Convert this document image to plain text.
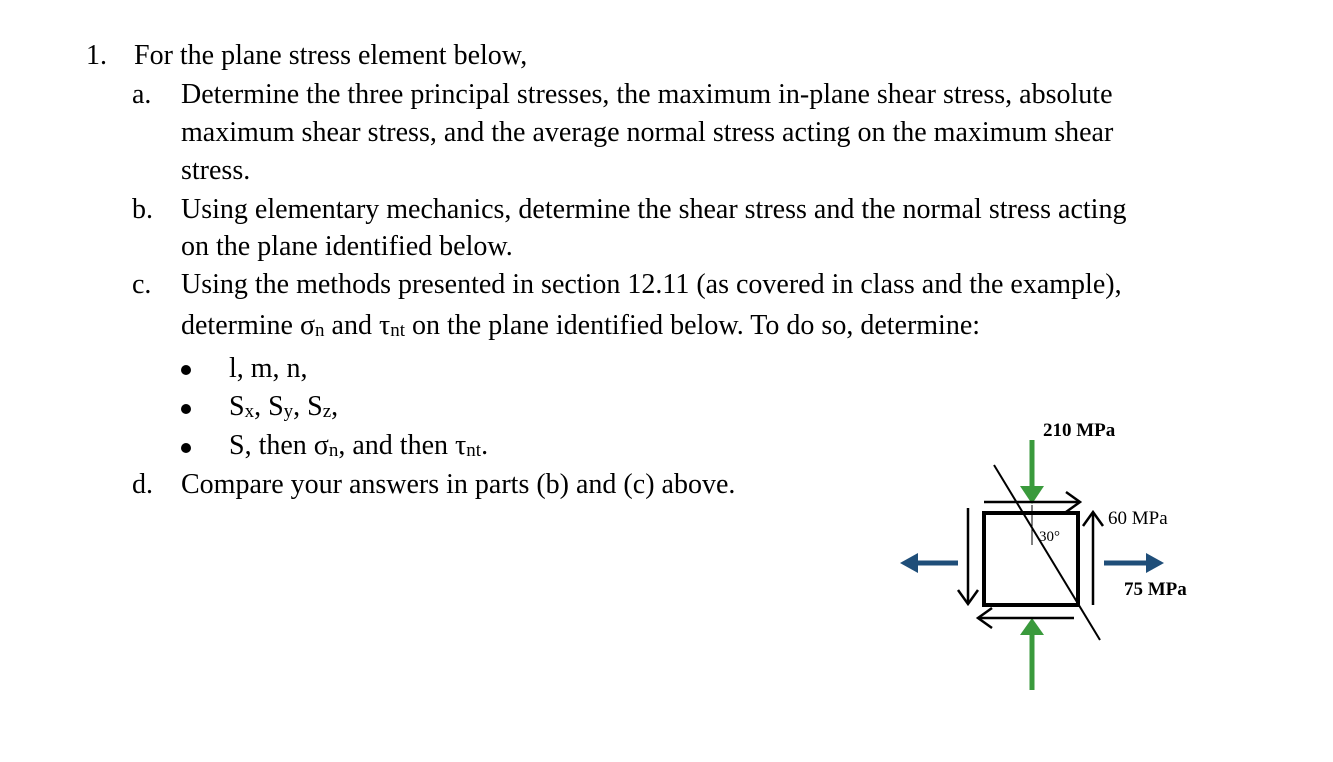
1. For the plane stress element below,
a. Determine the three principal stresses, the maximum in-plane shear stress, absolute
maximum shear stress, and the average normal stress acting on the maximum shear
stress.
b. Using elementary mechanics, determine the shear stress and the normal stress acting
on the plane identified below.
c. Using the methods presented in section 12.11 (as covered in class and the example),
determine $\sigma_n$ and $\tau_{nt}$ on the plane identified below. To do so, determine:
l, m, n,
$S_x$, $S_y$, $S_z$,
S, then $\sigma_n$, and then $\tau_{nt}$.
d. Compare your answers in parts (b) and (c) above.
210 MPa
60 MPa
75 MPa
30°
